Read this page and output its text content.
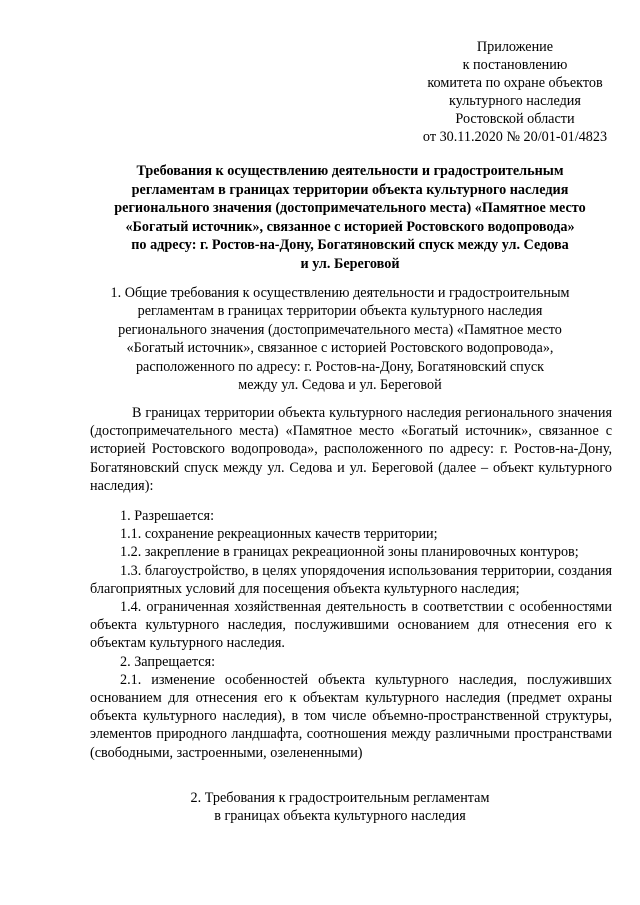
Приложение
к постановлению
комитета по охране объектов
культурного наследия
Ростовской области
от 30.11.2020 № 20/01-01/4823
Требования к осуществлению деятельности и градостроительным
регламентам в границах территории объекта культурного наследия
регионального значения (достопримечательного места) «Памятное место
«Богатый источник», связанное с историей Ростовского водопровода»
по адресу: г. Ростов-на-Дону, Богатяновский спуск между ул. Седова
и ул. Береговой
1. Общие требования к осуществлению деятельности и градостроительным
регламентам в границах территории объекта культурного наследия
регионального значения (достопримечательного места) «Памятное место
«Богатый источник», связанное с историей Ростовского водопровода»,
расположенного по адресу: г. Ростов-на-Дону, Богатяновский спуск
между ул. Седова и ул. Береговой
В границах территории объекта культурного наследия регионального значения (достопримечательного места) «Памятное место «Богатый источник», связанное с историей Ростовского водопровода», расположенного по адресу: г. Ростов-на-Дону, Богатяновский спуск между ул. Седова и ул. Береговой (далее – объект культурного наследия):

1. Разрешается:

1.1. сохранение рекреационных качеств территории;

1.2. закрепление в границах рекреационной зоны планировочных контуров;

1.3. благоустройство, в целях упорядочения использования территории, создания благоприятных условий для посещения объекта культурного наследия;

1.4. ограниченная хозяйственная деятельность в соответствии с особенностями объекта культурного наследия, послужившими основанием для отнесения его к объектам культурного наследия.

2. Запрещается:

2.1. изменение особенностей объекта культурного наследия, послуживших основанием для отнесения его к объектам культурного наследия (предмет охраны объекта культурного наследия), в том числе объемно-пространственной структуры, элементов природного ландшафта, соотношения между различными пространствами (свободными, застроенными, озелененными)

2. Требования к градостроительным регламентам
в границах объекта культурного наследия
